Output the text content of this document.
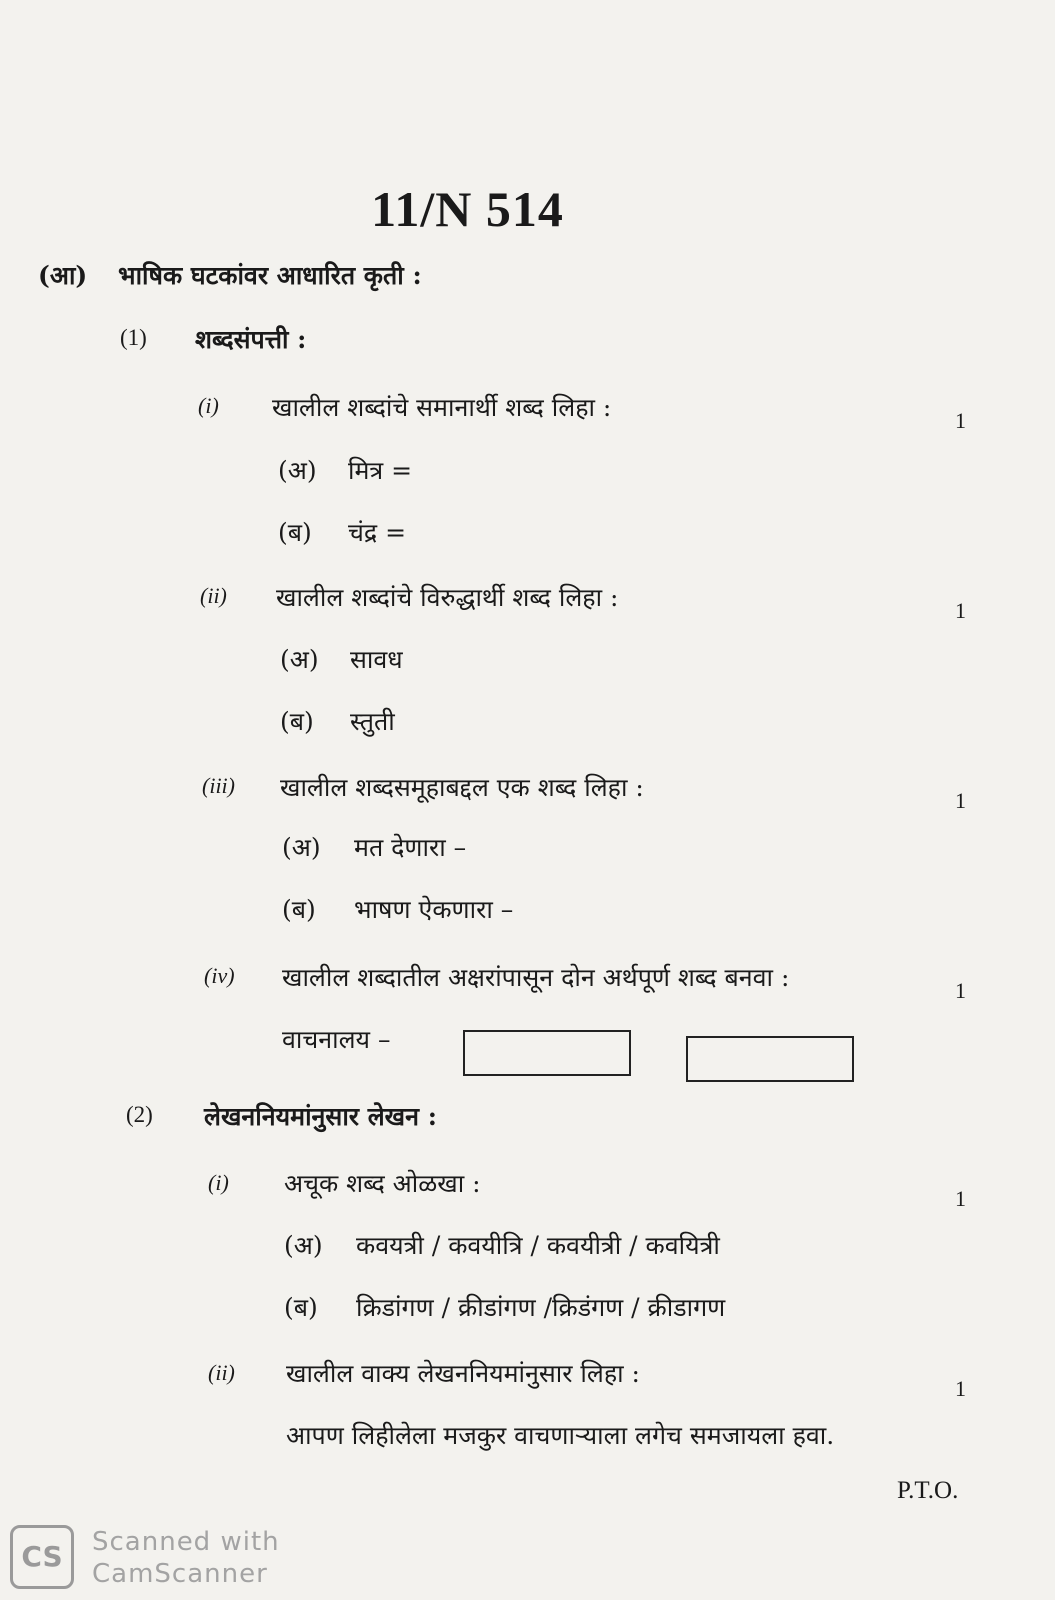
11/N 514
(आ) भाषिक घटकांवर आधारित कृती :
(1) शब्दसंपत्ती :
(i) खालील शब्दांचे समानार्थी शब्द लिहा :	1
(अ) मित्र =
(ब) चंद्र =
(ii) खालील शब्दांचे विरुद्धार्थी शब्द लिहा :	1
(अ) सावध
(ब) स्तुती
(iii) खालील शब्दसमूहाबद्दल एक शब्द लिहा :	1
(अ) मत देणारा –
(ब) भाषण ऐकणारा –
(iv) खालील शब्दातील अक्षरांपासून दोन अर्थपूर्ण शब्द बनवा :	1
वाचनालय –
(2) लेखननियमांनुसार लेखन :
(i) अचूक शब्द ओळखा :
1
(अ) कवयत्री / कवयीत्रि / कवयीत्री / कवयित्री
(ब) क्रिडांगण / क्रीडांगण /क्रिडंगण / क्रीडागण
(ii) खालील वाक्य लेखननियमांनुसार लिहा :
1
आपण लिहीलेला मजकुर वाचणाऱ्याला लगेच समजायला हवा.
P.T.O.
CS	Scanned with
CamScanner
